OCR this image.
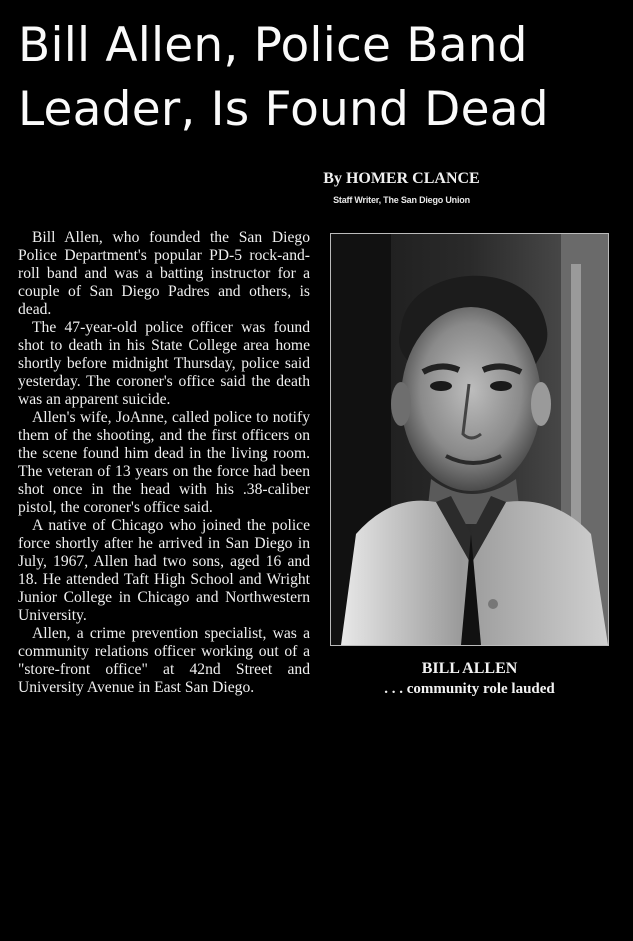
Bill Allen, Police Band
Leader, Is Found Dead
By HOMER CLANCE
Staff Writer, The San Diego Union

Bill Allen, who founded the San Diego Police Department's popular PD-5 rock-and-roll band and was a batting instructor for a couple of San Diego Padres and others, is dead.

The 47-year-old police officer was found shot to death in his State College area home shortly before midnight Thursday, police said yesterday. The coroner's office said the death was an apparent suicide.

Allen's wife, JoAnne, called police to notify them of the shooting, and the first officers on the scene found him dead in the living room. The veteran of 13 years on the force had been shot once in the head with his .38-caliber pistol, the coroner's office said.

A native of Chicago who joined the police force shortly after he arrived in San Diego in July, 1967, Allen had two sons, aged 16 and 18. He attended Taft High School and Wright Junior College in Chicago and Northwestern University.

Allen, a crime prevention specialist, was a community relations officer working out of a "store-front office" at 42nd Street and University Avenue in East San Diego.

BILL ALLEN
. . . community role lauded
